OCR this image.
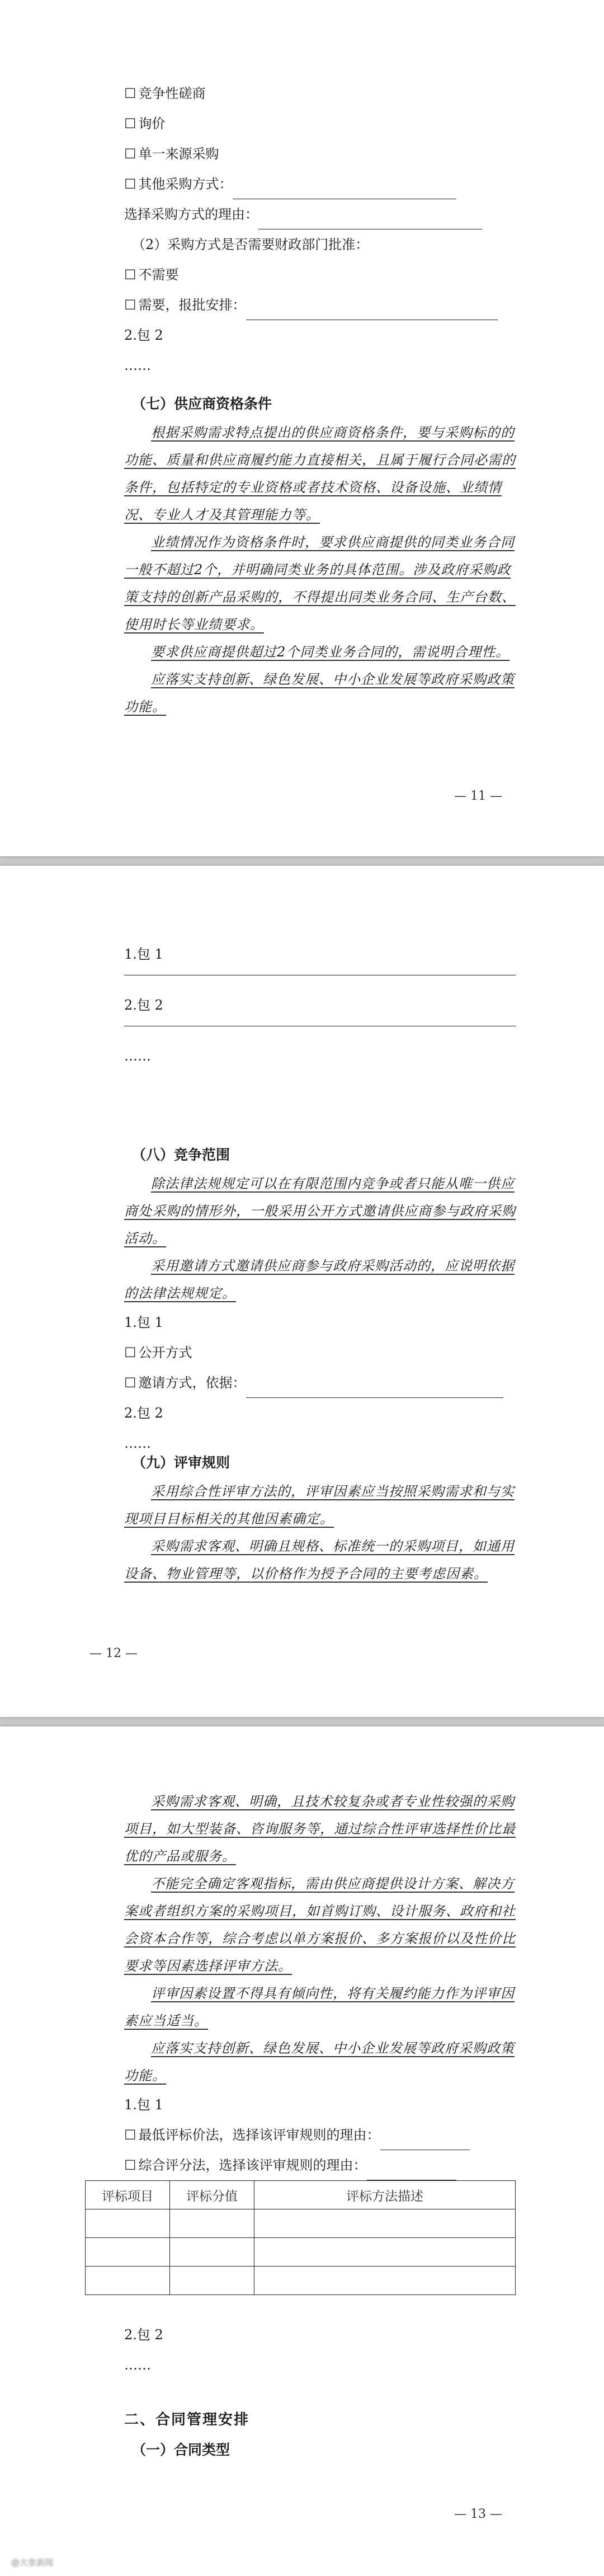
☐ 竞争性磋商
☐ 询价
☐ 单一来源采购
☐ 其他采购方式：
选择采购方式的理由：
（2）采购方式是否需要财政部门批准：
☐ 不需要
☐ 需要，报批安排：
2.包 2
……
（七）供应商资格条件

根据采购需求特点提出的供应商资格条件，要与采购标的的功能、质量和供应商履约能力直接相关，且属于履行合同必需的条件，包括特定的专业资格或者技术资格、设备设施、业绩情况、专业人才及其管理能力等。

业绩情况作为资格条件时，要求供应商提供的同类业务合同一般不超过2个，并明确同类业务的具体范围。涉及政府采购政策支持的创新产品采购的，不得提出同类业务合同、生产台数、使用时长等业绩要求。

要求供应商提供超过2个同类业务合同的，需说明合理性。

应落实支持创新、绿色发展、中小企业发展等政府采购政策功能。

— 11 —
1.包 1
2.包 2
……
（八）竞争范围

除法律法规规定可以在有限范围内竞争或者只能从唯一供应商处采购的情形外，一般采用公开方式邀请供应商参与政府采购活动。

采用邀请方式邀请供应商参与政府采购活动的，应说明依据的法律法规规定。

1.包 1
☐ 公开方式
☐ 邀请方式，依据：
2.包 2
……
（九）评审规则

采用综合性评审方法的，评审因素应当按照采购需求和与实现项目目标相关的其他因素确定。

采购需求客观、明确且规格、标准统一的采购项目，如通用设备、物业管理等，以价格作为授予合同的主要考虑因素。

— 12 —

采购需求客观、明确，且技术较复杂或者专业性较强的采购项目，如大型装备、咨询服务等，通过综合性评审选择性价比最优的产品或服务。

不能完全确定客观指标，需由供应商提供设计方案、解决方案或者组织方案的采购项目，如首购订购、设计服务、政府和社会资本合作等，综合考虑以单方案报价、多方案报价以及性价比要求等因素选择评审方法。

评审因素设置不得具有倾向性，将有关履约能力作为评审因素应当适当。

应落实支持创新、绿色发展、中小企业发展等政府采购政策功能。

1.包 1
☐ 最低评标价法，选择该评审规则的理由：
☐ 综合评分法，选择该评审规则的理由：
评标项目	评标分值	评标方法描述

2.包 2
……
二、合同管理安排
（一）合同类型
— 13 —
@大象新闻
